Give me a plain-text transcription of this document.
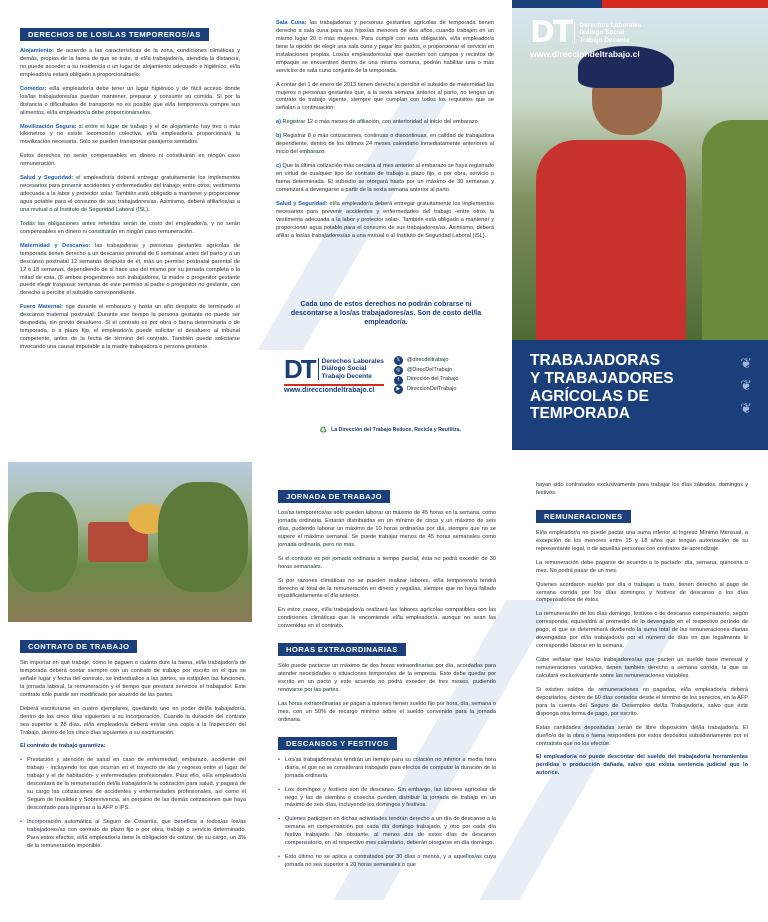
DERECHOS DE LOS/LAS TEMPOREROS/AS
Alojamiento: de acuerdo a las características de la zona, condiciones climáticas y demás, propias de la faena de que se trate, si el/la trabajador/a, atendida la distancia, no puede acceder a su residencia o un lugar de alojamiento adecuado e higiénico, el/la empleador/a estará obligado a proporcionárselo.
Comedor: el/la empleador/a debe tener un lugar higiénico y de fácil acceso donde los/las trabajadores/as puedan mantener, preparar y consumir su comida. Si por la distancia o dificultades de transporte no es posible que el/la temporero/a compre sus alimentos, el/la empleador/a debe proporcionárselos.
Movilización Segura: si entre el lugar de trabajo y el de alojamiento hay tres o más kilómetros y no existe locomoción colectiva, el/la empleador/a proporcionará la movilización necesaria. Sólo se pueden transportar pasajeros sentados.
Estos derechos no serán compensables en dinero ni constituirán en ningún caso remuneración.
Salud y Seguridad: el empleador/a deberá entregar gratuitamente los implementos necesarios para prevenir accidentes y enfermedades del trabajo; entre otros, vestimenta adecuada a la labor y protector solar. También está obligado a mantener y proporcionar agua potable para el consumo de sus trabajadores/as. Asimismo, deberá afiliarlos/as a una mutual o al Instituto de Seguridad Laboral (ISL).
Todas las obligaciones antes referidas serán de costo del empleador/a, y no serán compensables en dinero ni constituirán en ningún caso remuneración.
Maternidad y Descanso: las trabajadoras y personas gestantes agrícolas de temporada tienen derecho a un descanso prenatal de 6 semanas antes del parto y a un descanso postnatal 12 semanas después de él, más un permiso postnatal parental de 12 ó 18 semanas, dependiendo de si hace uso del mismo por su jornada completa o la mitad de esta, (6 ambos progenitores son trabajadores, la madre o progenitor gestante puede elegir traspasar semanas de este permiso al padre o progenitor no gestante, con derecho a percibir el subsidio correspondiente.
Fuero Maternal: rige durante el embarazo y hasta un año después de terminado el descanso maternal postnatal. Durante ese tiempo la persona gestante no puede ser despedida, sin previo desafuero. Si el contrato es por obra o faena determinada o de temporada, o a plazo fijo, el empleador/a puede solicitar el desafuero al tribunal competente, antes de la fecha de término del contrato. También puede solicitarse invocando una causal imputable a la madre trabajadora o persona gestante.
Sala Cuna: las trabajadoras y personas gestantes agrícolas de temporada tienen derecho a sala cuna para sus hijos/as menores de dos años, cuando trabajen en un mismo lugar 20 o más mujeres. Para cumplir con esta obligación, el/la empleador/a tiene la opción de elegir una sala cuna y pagar los gastos, o proporcionar el servicio en instalaciones propias. Los/as empleadores/as que cuenten con campos y recintos de empaque se encuentren dentro de una misma comuna, podrán habilitar una o más servicios de sala cuna conjunto de la temporada.
A contar del 1 de enero de 2013 tienen derecho a percibir el subsidio de maternidad las mujeres o personas gestantes que, a la sexta semana anterior al parto, no tengan un contrato de trabajo vigente, siempre que cumplan con todos los requisitos que se señalan a continuación:
a) Registrar 12 o más meses de afiliación, con anterioridad al inicio del embarazo.
b) Registrar 8 o más cotizaciones, continuas o discontinuas, en calidad de trabajadora dependiente, dentro de los últimos 24 meses calendario inmediatamente anteriores al inicio del embarazo.
c) Que la última cotización más cercana al mes anterior al embarazo se haya registrado en virtud de cualquier tipo de contrato de trabajo a plazo fijo, o por obra, servicio o faena determinada. El subsidio se otorgará hasta por un máximo de 30 semanas y comenzará a devengarse a partir de la sexta semana anterior al parto.
Salud y Seguridad: el/la empleador/a deberá entregar gratuitamente los implementos necesarios para prevenir accidentes y enfermedades del trabajo -entre otros la vestimenta adecuada a la labor y protector solar-. También está obligado a mantener y proporcionar agua potable para el consumo de sus trabajadores/as. Asimismo, deberá afiliar a los/as trabajadores/as a una mutual o al Instituto de Seguridad Laboral (ISL).
Cada uno de estos derechos no podrán cobrarse ni descontarse a los/as trabajadores/as. Son de costo del/la empleador/a.
DT Derechos Laborales
Diálogo Social
Trabajo Decente
www.direcciondeltrabajo.cl
𝕏	@direcdeltrabajo
◎	@DirecDelTrabajo
f	Dirección del Trabajo
▶	DireccionDelTrabajo
♻ La Dirección del Trabajo Reduce, Recicla y Reutiliza.
DT Derechos Laborales
Diálogo Social
Trabajo Decente
www.direcciondeltrabajo.cl
TRABAJADORAS
Y TRABAJADORES
AGRÍCOLAS DE
TEMPORADA
❦
❦
❦
CONTRATO DE TRABAJO
Sin importar en qué trabaje, cómo le paguen o cuánto dure la faena, el/la trabajador/a de temporada deberá contar siempre con un contrato de trabajo por escrito en el que se señale lugar y fecha del contrato, se individualice a las partes, se estipulen las funciones, la jornada laboral, la remuneración y el tiempo que prestará servicios el trabajador. Este contrato sólo puede ser modificado por acuerdo de las partes.
Deberá escriturarse en cuatro ejemplares, quedando uno en poder del/la trabajador/a, dentro de los cinco días siguientes a su incorporación. Cuando la duración del contrato sea superior a 28 días, el/la empleador/a deberá enviar una copia a la Inspección del Trabajo, dentro de los cinco días siguientes a su escrituración.
El contrato de trabajo garantiza:
• Prestación y atención de salud en caso de enfermedad, embarazo, accidente del trabajo - incluyendo los que ocurran en el trayecto de ida y regreso entre el lugar de trabajo y el de habitación- y enfermedades profesionales. Para ello, el/la empleador/a descontará de la remuneración del/la trabajador/a la cotización para salud, y pagará de su cargo las cotizaciones de accidentes y enfermedades profesionales, así como el Seguro de Invalidez y Sobrevivencia, sin perjuicio de las demás cotizaciones que haya descontado para ingresar a la AFP o IPS.
• Incorporación automática al Seguro de Cesantía, que beneficia a todos/as los/as trabajadores/as con contrato de plazo fijo o por obra, trabajo o servicio determinado. Para estos efectos, el/la empleador/a tiene la obligación de cotizar, de su cargo, un 3% de la remuneración imponible.
JORNADA DE TRABAJO
Los/as temporeros/as sólo pueden laborar un máximo de 45 horas en la semana, como jornada ordinaria. Estarán distribuidas en un mínimo de cinco y un máximo de seis días, pudiendo laborar un máximo de 10 horas ordinarias por día, siempre que no se supere el máximo semanal. Se puede trabajar menos de 45 horas semanales como jornada ordinaria, pero no más.
Si el contrato es por jornada ordinaria a tiempo parcial, ésta no podrá exceder de 30 horas semanales.
Si por razones climáticas no se pueden realizar labores, el/la temporero/a tendrá derecho al total de la remuneración en dinero y regalías, siempre que no haya faltado injustificadamente el día anterior.
En estos casos, el/la trabajador/a realizará las labores agrícolas compatibles con las condiciones climáticas que le encomiende el/la empleador/a, aunque no sean las convenidas en el contrato.
HORAS EXTRAORDINARIAS
Sólo puede pactarse un máximo de dos horas extraordinarias por día, acordadas para atender necesidades o situaciones temporales de la empresa. Esto debe quedar por escrito en un pacto y este acuerdo no podrá exceder de tres meses, pudiendo renovarse por las partes.
Las horas extraordinarias se pagan a quienes tienen sueldo fijo por hora, día, semana o mes, con un 50% de recargo mínimo sobre el sueldo convenido para la jornada ordinaria.
DESCANSOS Y FESTIVOS
• Los/as trabajadores/as tendrán un tiempo para su colación no inferior a media hora diaria, el que no se considerará trabajado para efectos de computar la duración de la jornada ordinaria.
• Los domingos y festivos son de descanso. Sin embargo, las labores agrícolas de riego y las de siembra o cosecha pueden distribuir la jornada de trabajo en un máximo de seis días, incluyendo los domingos y festivos.
• Quienes participen en dichas actividades tendrán derecho a un día de descanso a la semana en compensación por cada día domingo trabajado, y otro por cada día festivo trabajado. No obstante, al menos dos de estos días de descanso compensatorio, en el respectivo mes calendario, deberán otorgarse en día domingo.
• Esto último no se aplica a contratados por 30 días o menos, y a aquellos/as cuya jornada no sea superior a 20 horas semanales o que
hayan sido contratados exclusivamente para trabajar los días sábados, domingos y festivos.
REMUNERACIONES
El/la empleador/a no puede pactar una suma inferior al Ingreso Mínimo Mensual, a excepción de los menores entre 15 y 18 años que tengan autorización de su representante legal, o de aquellas personas con contratos de aprendizaje.
La remuneración debe pagarse de acuerdo a lo pactado: día, semana, quincena o mes. No podrá pasar de un mes.
Quienes acordaron sueldo por día o trabajan a trato, tienen derecho al pago de semana corrida por los días domingos y festivos de descanso o los días compensatorios de éstos.
La remuneración de los días domingo, festivos o de descanso compensatorio, según corresponda, equivaldrá al promedio de lo devengado en el respectivo período de pago, el que se determinará dividiendo la suma total de las remuneraciones diarias devengadas por el/la trabajador/a por el número de días en que legalmente le correspondió laborar en la semana.
Cabe señalar que los/as trabajadores/as que pacten un sueldo base mensual y remuneraciones variables, tienen también derecho a semana corrida, la que se calculará exclusivamente sobre las remuneraciones variables.
Si existen saldos de remuneraciones no pagadas, el/la empleador/a deberá depositarlos, dentro de 60 días contados desde el término de los servicios, en la AFP para la cuenta del Seguro de Desempleo del/la Trabajador/a, salvo que éste disponga otra forma de pago, por escrito.
Estas cantidades depositadas serán de libre disposición del/la trabajador/a. El dueño/a de la obra o faena responderá por estos depósitos subsidiariamente por el contratista que no los efectúe.
El empleador/a no puede descontar del sueldo del trabajador/a herramientas perdidas o producción dañada, salvo que exista sentencia judicial que lo autorice.
